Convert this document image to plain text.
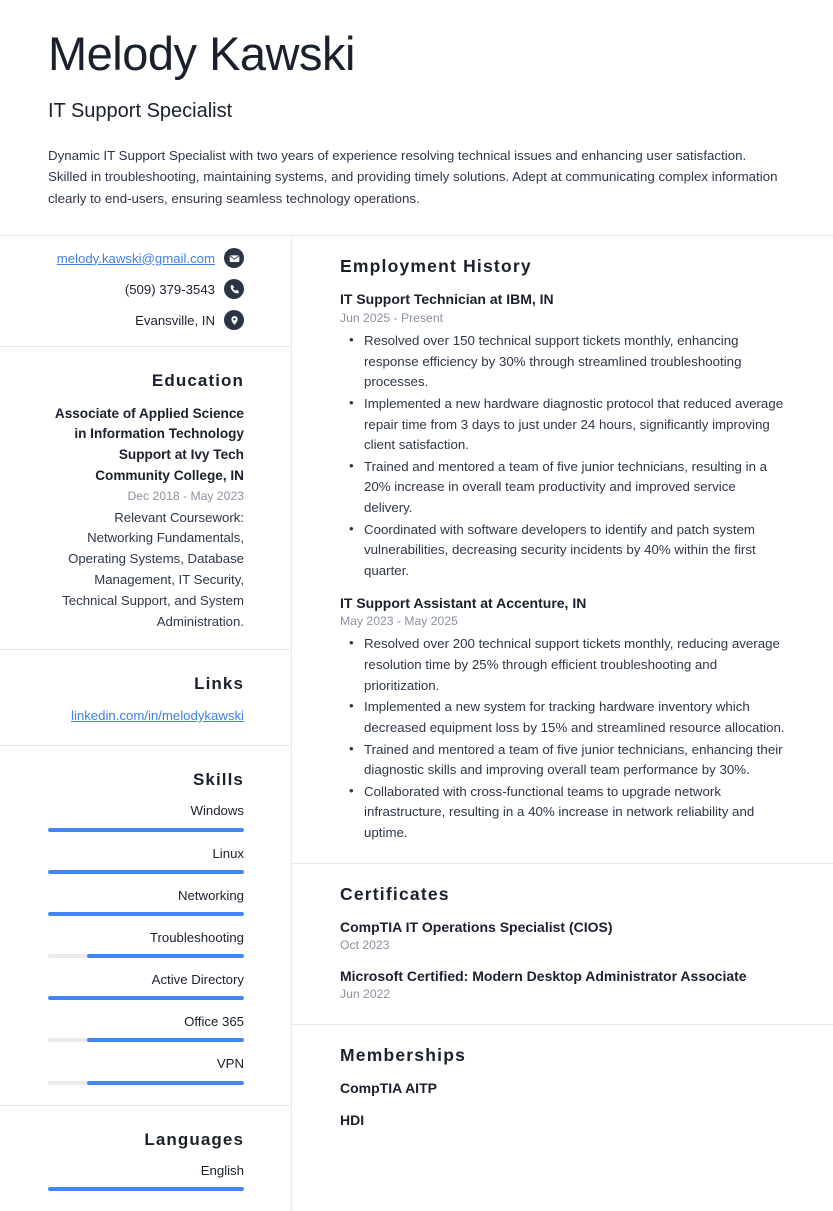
Melody Kawski
IT Support Specialist

Dynamic IT Support Specialist with two years of experience resolving technical issues and enhancing user satisfaction. Skilled in troubleshooting, maintaining systems, and providing timely solutions. Adept at communicating complex information clearly to end-users, ensuring seamless technology operations.

melody.kawski@gmail.com
(509) 379-3543
Evansville, IN
Education
Associate of Applied Science in Information Technology Support at Ivy Tech Community College, IN
Dec 2018 - May 2023
Relevant Coursework: Networking Fundamentals, Operating Systems, Database Management, IT Security, Technical Support, and System Administration.
Links
linkedin.com/in/melodykawski
Skills
Windows
Linux
Networking
Troubleshooting
Active Directory
Office 365
VPN
Languages
English
Employment History
IT Support Technician at IBM, IN
Jun 2025 - Present
• Resolved over 150 technical support tickets monthly, enhancing response efficiency by 30% through streamlined troubleshooting processes.
• Implemented a new hardware diagnostic protocol that reduced average repair time from 3 days to just under 24 hours, significantly improving client satisfaction.
• Trained and mentored a team of five junior technicians, resulting in a 20% increase in overall team productivity and improved service delivery.
• Coordinated with software developers to identify and patch system vulnerabilities, decreasing security incidents by 40% within the first quarter.
IT Support Assistant at Accenture, IN
May 2023 - May 2025
• Resolved over 200 technical support tickets monthly, reducing average resolution time by 25% through efficient troubleshooting and prioritization.
• Implemented a new system for tracking hardware inventory which decreased equipment loss by 15% and streamlined resource allocation.
• Trained and mentored a team of five junior technicians, enhancing their diagnostic skills and improving overall team performance by 30%.
• Collaborated with cross-functional teams to upgrade network infrastructure, resulting in a 40% increase in network reliability and uptime.
Certificates
CompTIA IT Operations Specialist (CIOS)
Oct 2023
Microsoft Certified: Modern Desktop Administrator Associate
Jun 2022
Memberships
CompTIA AITP
HDI
